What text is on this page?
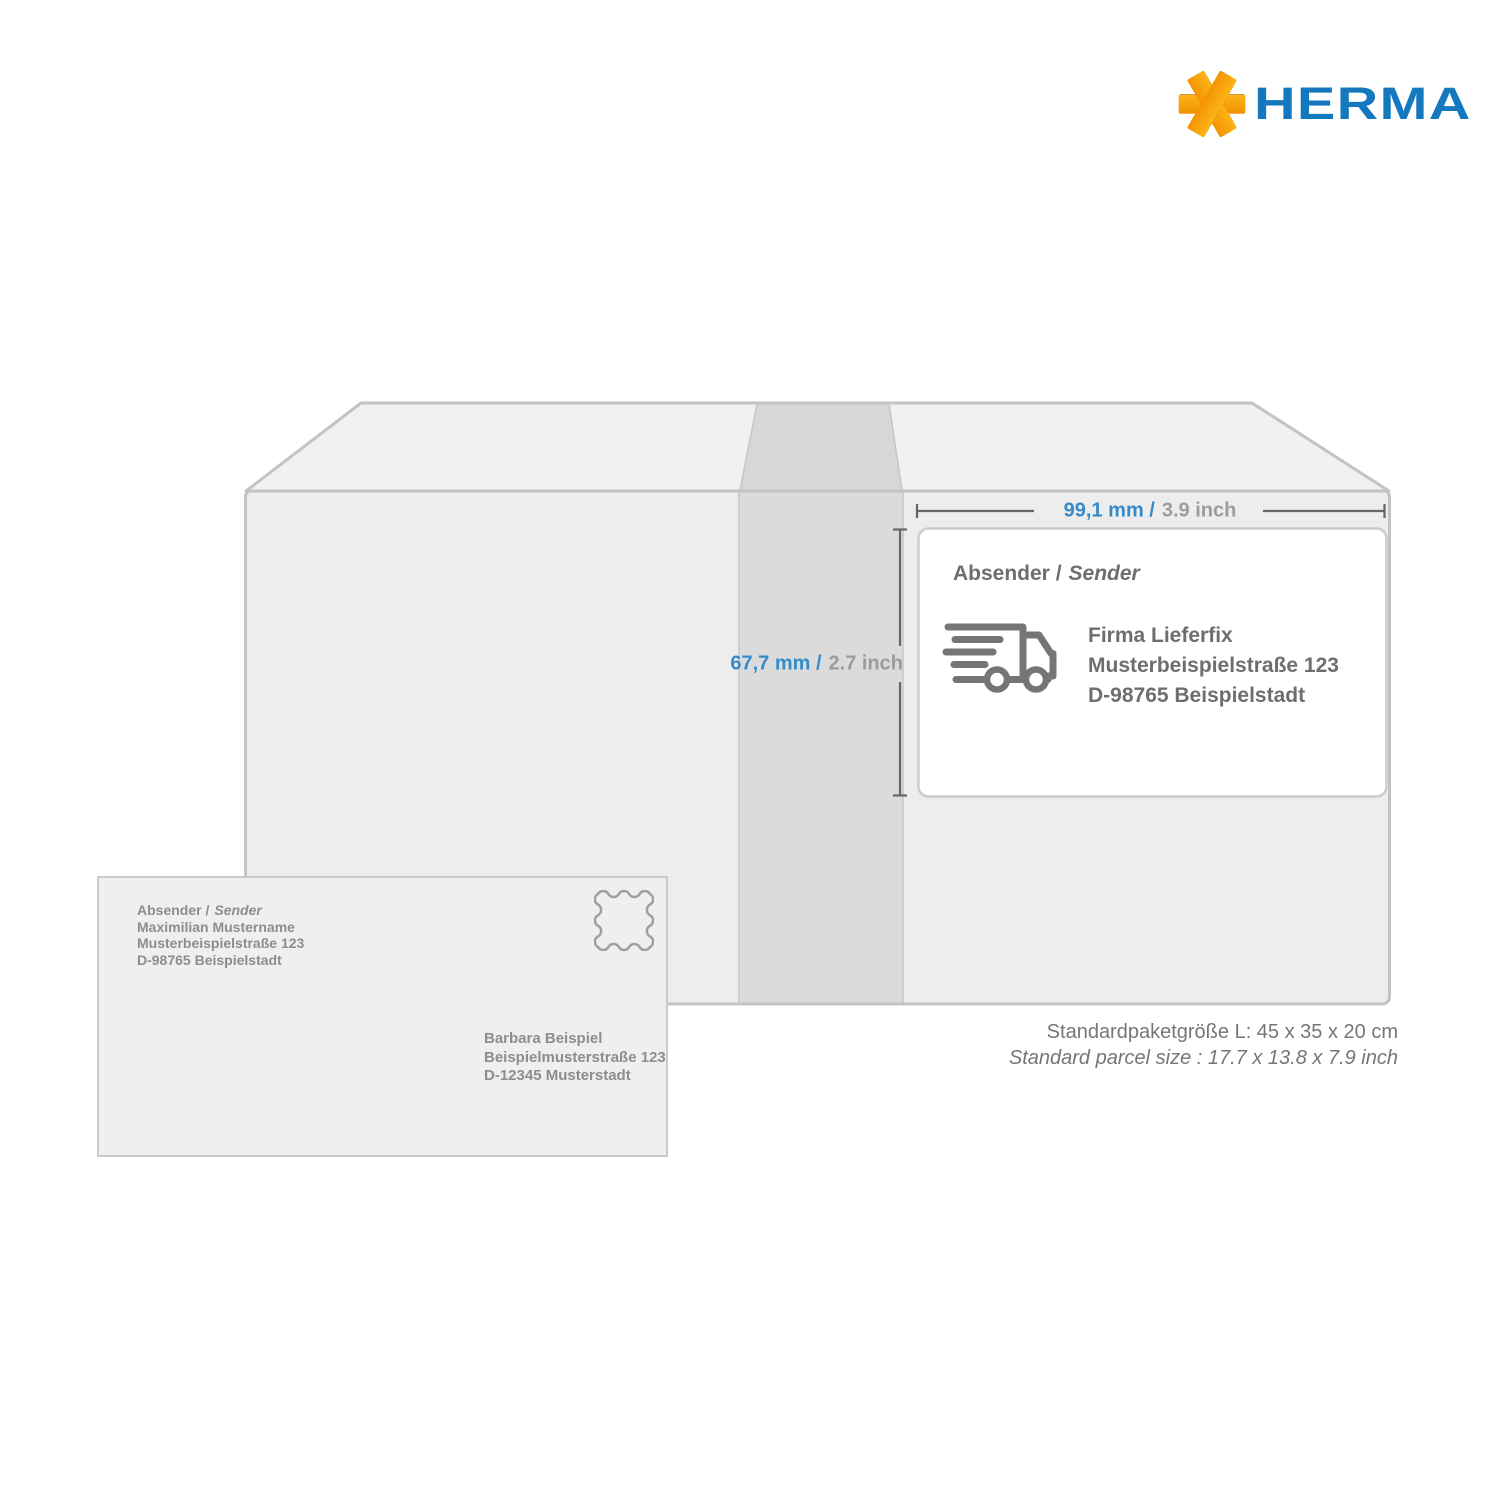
HERMA
99,1 mm / 3.9 inch
67,7 mm / 2.7 inch
Absender / Sender
Firma Lieferfix
Musterbeispielstraße 123
D-98765 Beispielstadt
Absender / Sender
Maximilian Mustername
Musterbeispielstraße 123
D-98765 Beispielstadt
Barbara Beispiel
Beispielmusterstraße 123
D-12345 Musterstadt
Standardpaketgröße L: 45 x 35 x 20 cm
Standard parcel size : 17.7 x 13.8 x 7.9 inch
